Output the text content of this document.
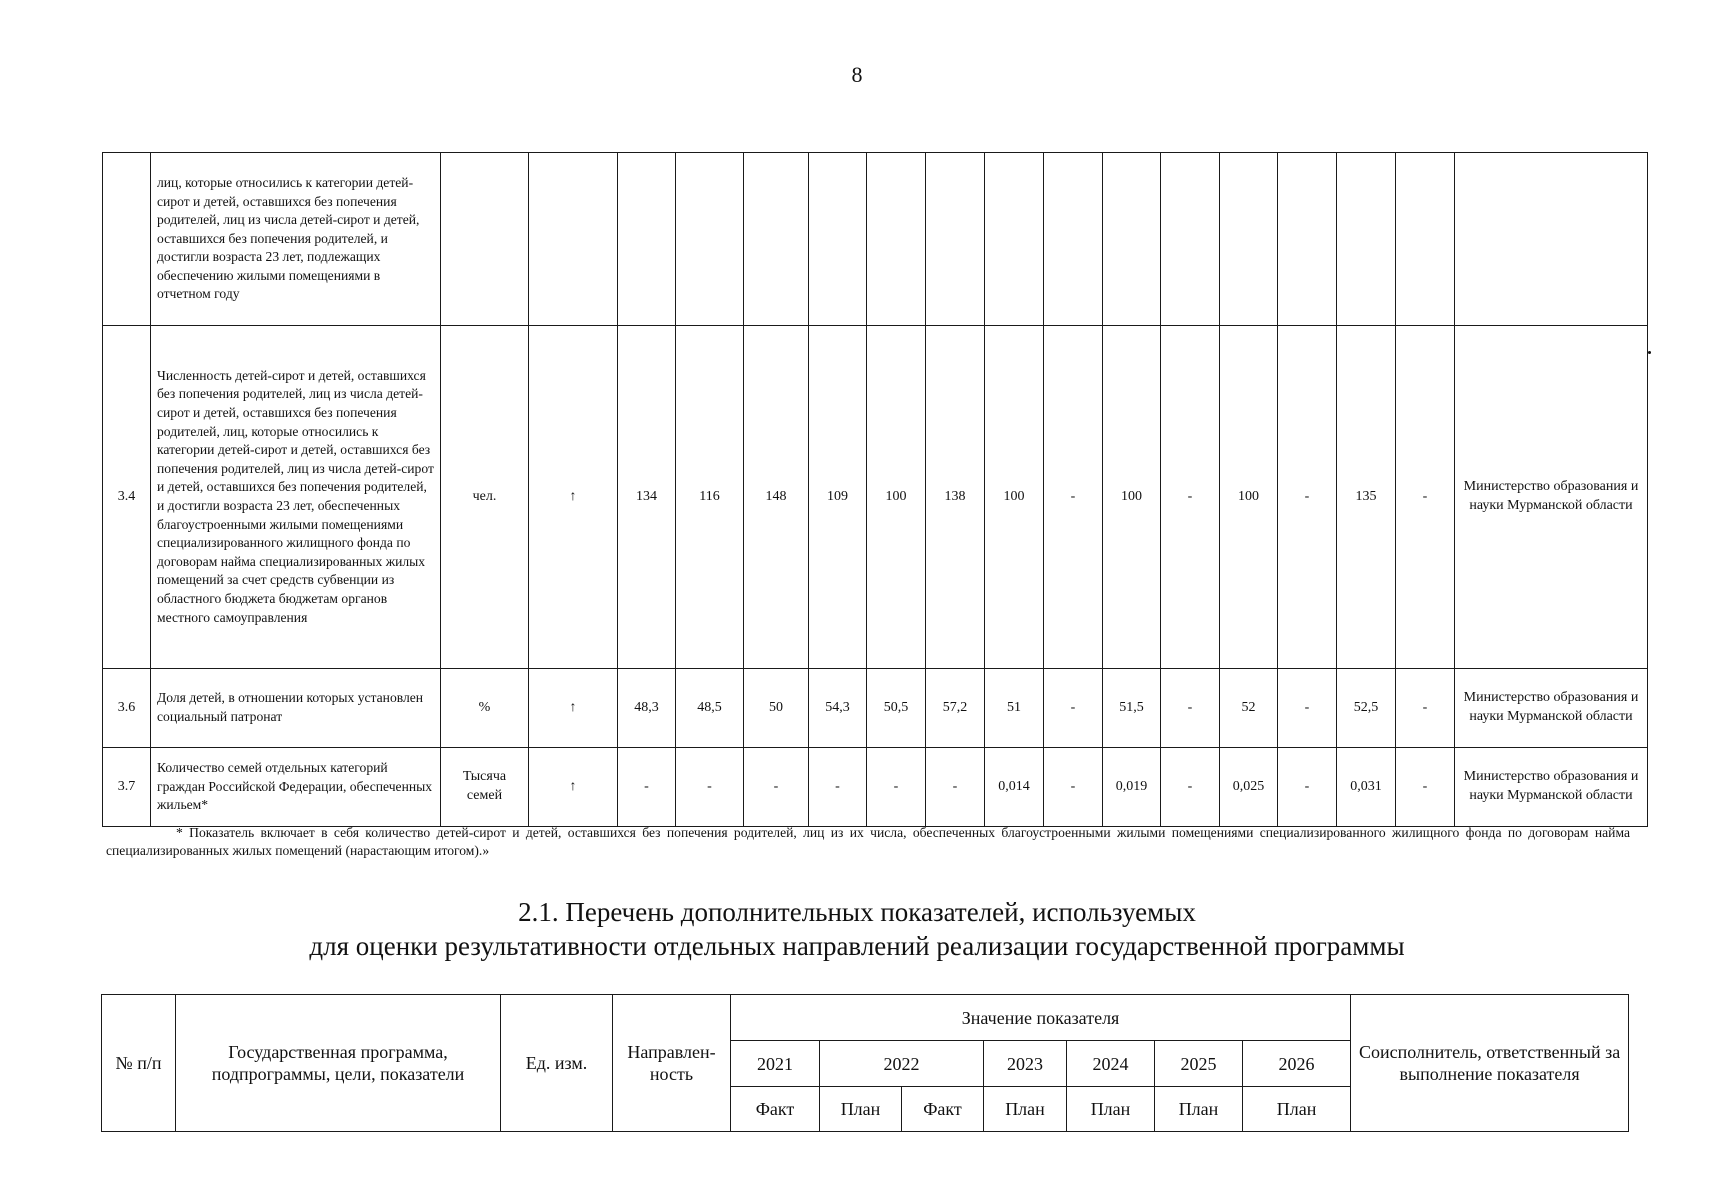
8
	лиц, которые относились к категории детей-сирот и детей, оставшихся без попечения родителей, лиц из числа детей-сирот и детей, оставшихся без попечения родителей, и достигли возраста 23 лет, подлежащих обеспечению жилыми помещениями в отчетном году																	
3.4	Численность детей-сирот и детей, оставшихся без попечения родителей, лиц из числа детей-сирот и детей, оставшихся без попечения родителей, лиц, которые относились к категории детей-сирот и детей, оставшихся без попечения родителей, лиц из числа детей-сирот и детей, оставшихся без попечения родителей, и достигли возраста 23 лет, обеспеченных благоустроенными жилыми помещениями специализированного жилищного фонда по договорам найма специализированных жилых помещений за счет средств субвенции из областного бюджета бюджетам органов местного самоуправления	чел.	↑	134	116	148	109	100	138	100	-	100	-	100	-	135	-	Министерство образования и науки Мурманской области
3.6	Доля детей, в отношении которых установлен социальный патронат	%	↑	48,3	48,5	50	54,3	50,5	57,2	51	-	51,5	-	52	-	52,5	-	Министерство образования и науки Мурманской области
3.7	Количество семей отдельных категорий граждан Российской Федерации, обеспеченных жильем*	Тысяча семей	↑	-	-	-	-	-	-	0,014	-	0,019	-	0,025	-	0,031	-	Министерство образования и науки Мурманской области
* Показатель включает в себя количество детей-сирот и детей, оставшихся без попечения родителей, лиц из их числа, обеспеченных благоустроенными жилыми помещениями специализированного жилищного фонда по договорам найма специализированных жилых помещений (нарастающим итогом).»
2.1. Перечень дополнительных показателей, используемых
для оценки результативности отдельных направлений реализации государственной программы
№ п/п	Государственная программа, подпрограммы, цели, показатели	Ед. изм.	Направлен-ность	Значение показателя							Соисполнитель, ответственный за выполнение показателя
				2021	2022		2023	2024	2025	2026	
				Факт	План	Факт	План	План	План	План	
